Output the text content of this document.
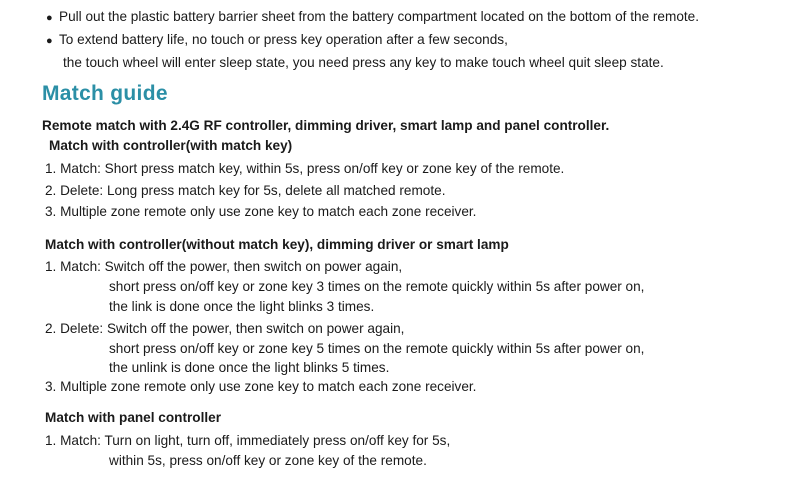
● Pull out the plastic battery barrier sheet from the battery compartment located on the bottom of the remote.
● To extend battery life, no touch or press key operation after a few seconds,
the touch wheel will enter sleep state, you need press any key to make touch wheel quit sleep state.
Match guide
Remote match with 2.4G RF controller, dimming driver, smart lamp and panel controller.
Match with controller(with match key)
1. Match: Short press match key, within 5s, press on/off key or zone key of the remote.
2. Delete: Long press match key for 5s, delete all matched remote.
3. Multiple zone remote only use zone key to match each zone receiver.
Match with controller(without match key), dimming driver or smart lamp
1. Match: Switch off the power, then switch on power again,
short press on/off key or zone key 3 times on the remote quickly within 5s after power on,
the link is done once the light blinks 3 times.
2. Delete: Switch off the power, then switch on power again,
short press on/off key or zone key 5 times on the remote quickly within 5s after power on,
the unlink is done once the light blinks 5 times.
3. Multiple zone remote only use zone key to match each zone receiver.
Match with panel controller
1. Match: Turn on light, turn off, immediately press on/off key for 5s,
within 5s, press on/off key or zone key of the remote.
